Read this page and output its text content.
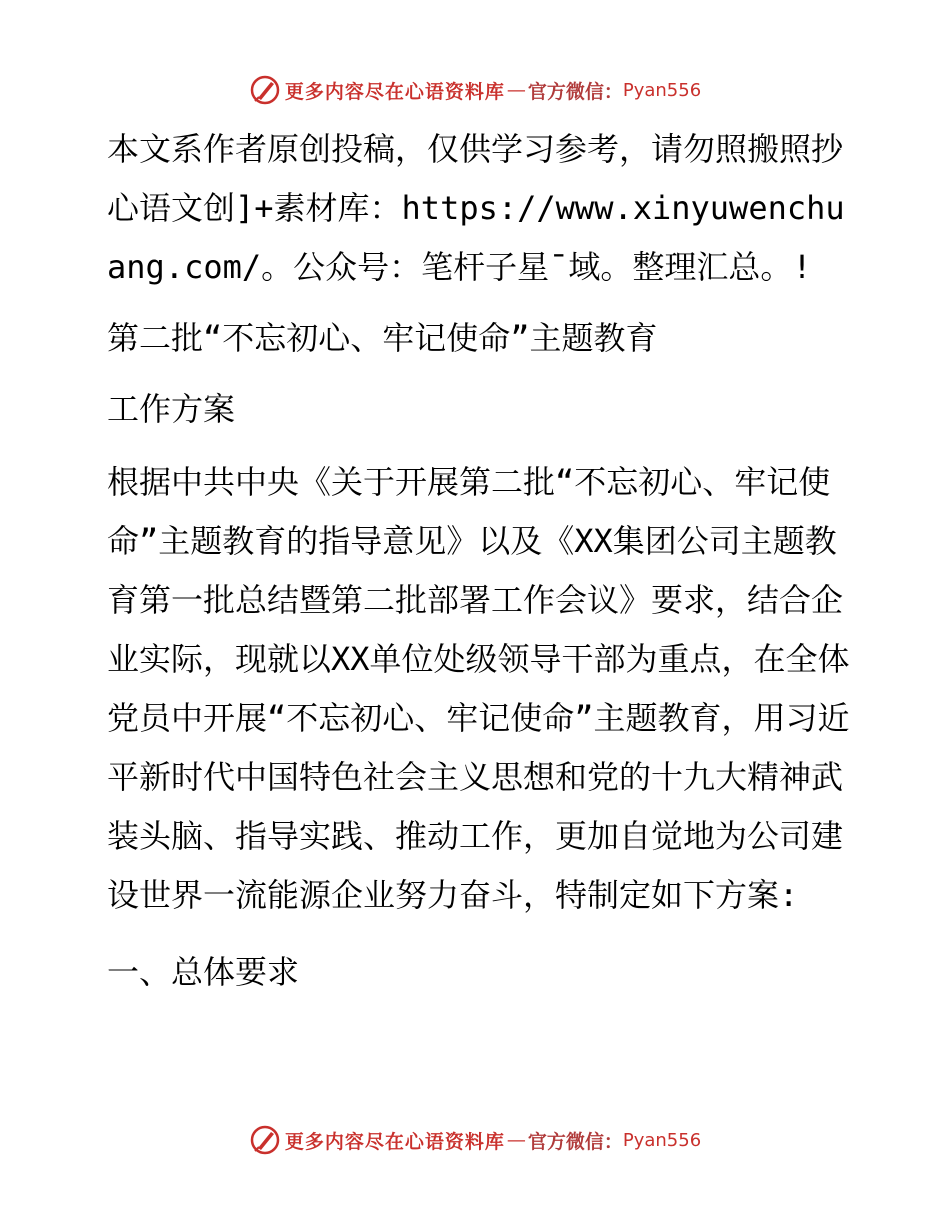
更多内容尽在心语资料库 — 官方微信： Pyan556

本文系作者原创投稿，仅供学习参考，请勿照搬照抄心语文创]+素材库：https://www.xinyuwenchuang.com/。公众号：笔杆子星¯域。整理汇总。!

第二批“不忘初心、牢记使命”主题教育

工作方案

根据中共中央《关于开展第二批“不忘初心、牢记使命”主题教育的指导意见》以及《XX集团公司主题教育第一批总结暨第二批部署工作会议》要求，结合企业实际，现就以XX单位处级领导干部为重点，在全体党员中开展“不忘初心、牢记使命”主题教育，用习近平新时代中国特色社会主义思想和党的十九大精神武装头脑、指导实践、推动工作，更加自觉地为公司建设世界一流能源企业努力奋斗，特制定如下方案:

一、总体要求

更多内容尽在心语资料库 — 官方微信： Pyan556
